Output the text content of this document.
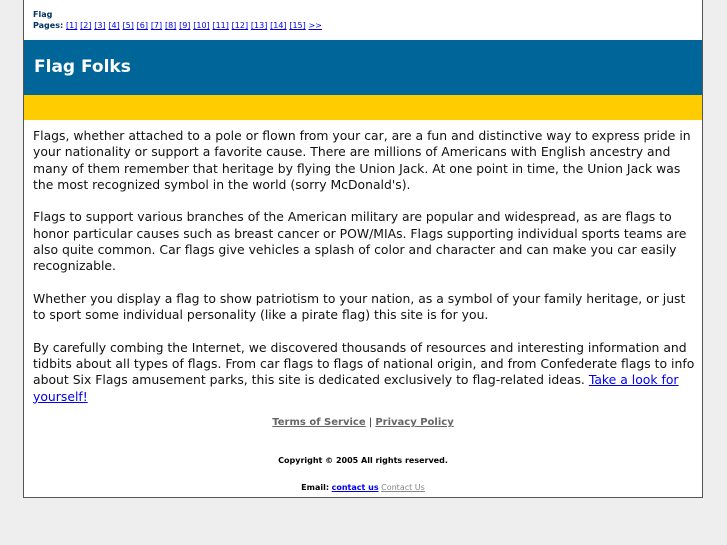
Flag
Pages: [1] [2] [3] [4] [5] [6] [7] [8] [9] [10] [11] [12] [13] [14] [15] >>
Flag Folks

Flags, whether attached to a pole or flown from your car, are a fun and distinctive way to express pride in your nationality or support a favorite cause. There are millions of Americans with English ancestry and many of them remember that heritage by flying the Union Jack. At one point in time, the Union Jack was the most recognized symbol in the world (sorry McDonald's).

Flags to support various branches of the American military are popular and widespread, as are flags to honor particular causes such as breast cancer or POW/MIAs. Flags supporting individual sports teams are also quite common. Car flags give vehicles a splash of color and character and can make you car easily recognizable.

Whether you display a flag to show patriotism to your nation, as a symbol of your family heritage, or just to sport some individual personality (like a pirate flag) this site is for you.

By carefully combing the Internet, we discovered thousands of resources and interesting information and tidbits about all types of flags. From car flags to flags of national origin, and from Confederate flags to info about Six Flags amusement parks, this site is dedicated exclusively to flag-related ideas. Take a look for yourself!

Terms of Service | Privacy Policy
Copyright © 2005 All rights reserved.
Email: contact us Contact Us
